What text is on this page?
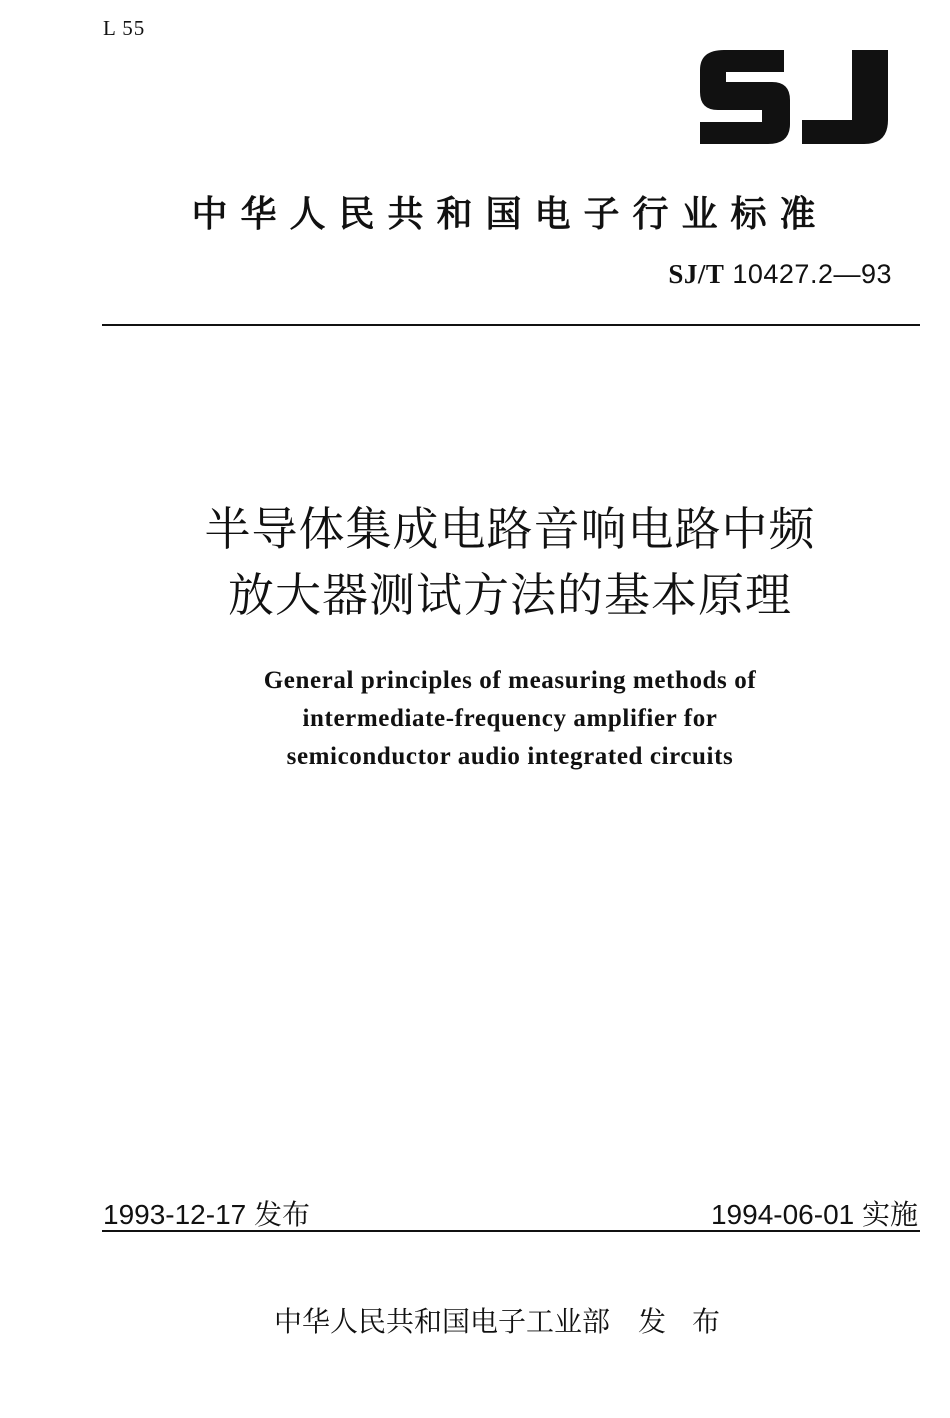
L 55
中华人民共和国电子行业标准
SJ/T 10427.2—93
半导体集成电路音响电路中频
放大器测试方法的基本原理
General principles of measuring methods of
intermediate-frequency amplifier for
semiconductor audio integrated circuits
1993-12-17 发布	1994-06-01 实施
中华人民共和国电子工业部 发布
